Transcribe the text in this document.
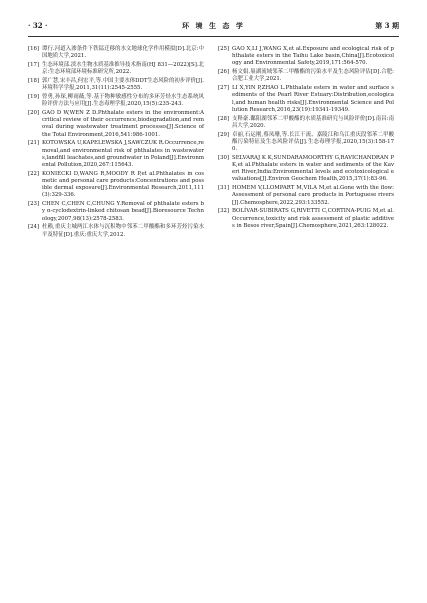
· 32 ·	环 境 生 态 学	第 3 期
[16] 谭行.河道入渗条件下铁锰迁移的水文地球化学作用模拟[D].北京:中国地质大学,2021.
[17] 生态环境部.淡水生物水质基准推导技术指南(HJ 831—2022)[S].北京:生态环境部环境标准研究所,2022.
[18] 郭广慧,宋丰昌,何宏平,等.中国主要水体DDT生态风险的初步评价[J].环境科学学报,2011,31(11):2545-2555.
[19] 曾勇,孙琛,柳雨薇,等.基于物种敏感性分布的多环芳烃水生态系统风险评价方法与应用[J].生态毒理学报,2020,15(5):235-243.
[20] GAO D W,WEN Z D.Phthalate esters in the environment:A critical review of their occurrence,biodegradation,and removal during wastewater treatment processes[J].Science of the Total Environment,2016,541:986-1001.
[21] KOTOWSKA U,KAPELEWSKA J,SAWCZUK R.Occurrence,removal,and environmental risk of phthalates in wastewaters,landfill leachates,and groundwater in Poland[J].Environmental Pollution,2020,267:115643.
[22] KONIECKI D,WANG R,MOODY R P,et al.Phthalates in cosmetic and personal care products:Concentrations and possible dermal exposure[J].Environmental Research,2011,111(3):329-336.
[23] CHEN C,CHEN C,CHUNG Y.Removal of phthalate esters by α-cyclodextrin-linked chitosan bead[J].Bioresource Technology,2007,98(13):2578-2583.
[24] 杜赖,重庆主城两江水体与沉积物中邻苯二甲酸酯和多环芳烃污染水平及特征[D].重庆:重庆大学,2012.
[25] GAO X,LI J,WANG X,et al.Exposure and ecological risk of phthalate esters in the Taihu Lake basin,China[J].Ecotoxicology and Environmental Safety,2019,171:564-570.
[26] 杨文娟.巢湖流域邻苯二甲酸酯的污染水平及生态风险评估[D].合肥:合肥工业大学,2021.
[27] LI X,YIN P,ZHAO L.Phthalate esters in water and surface sediments of the Pearl River Estuary:Distribution,ecological,and human health risks[J].Environmental Science and Pollution Research,2016,23(19):19341-19349.
[28] 支释豪.鄱阳湖邻苯二甲酸酯的水质基准研究与风险评价[D].南昌:南昌大学,2020.
[29] 卓丽,石运刚,蔡凤珊,等.长江干流、嘉陵江和乌江重庆段邻苯二甲酸酯污染特征及生态风险评估[J].生态毒理学报,2020,15(3):158-170.
[30] SELVARAJ K K,SUNDARAMOORTHY G,RAVICHANDRAN P K,et al.Phthalate esters in water and sediments of the Kaveri River,India:Environmental levels and ecotoxicological evaluations[J].Environ Geochem Health,2015,37(1):83-96.
[31] HOMEM V,LLOMPART M,VILA M,et al.Gone with the flow:Assessment of personal care products in Portuguese rivers[J].Chemosphere,2022,293:133552.
[32] BOLÍVAR-SUBIRATS G,RIVETTI C,CORTINA-PUIG M,et al.Occurrence,toxicity and risk assessment of plastic additives in Besos river,Spain[J].Chemosphere,2021,263:128022.
